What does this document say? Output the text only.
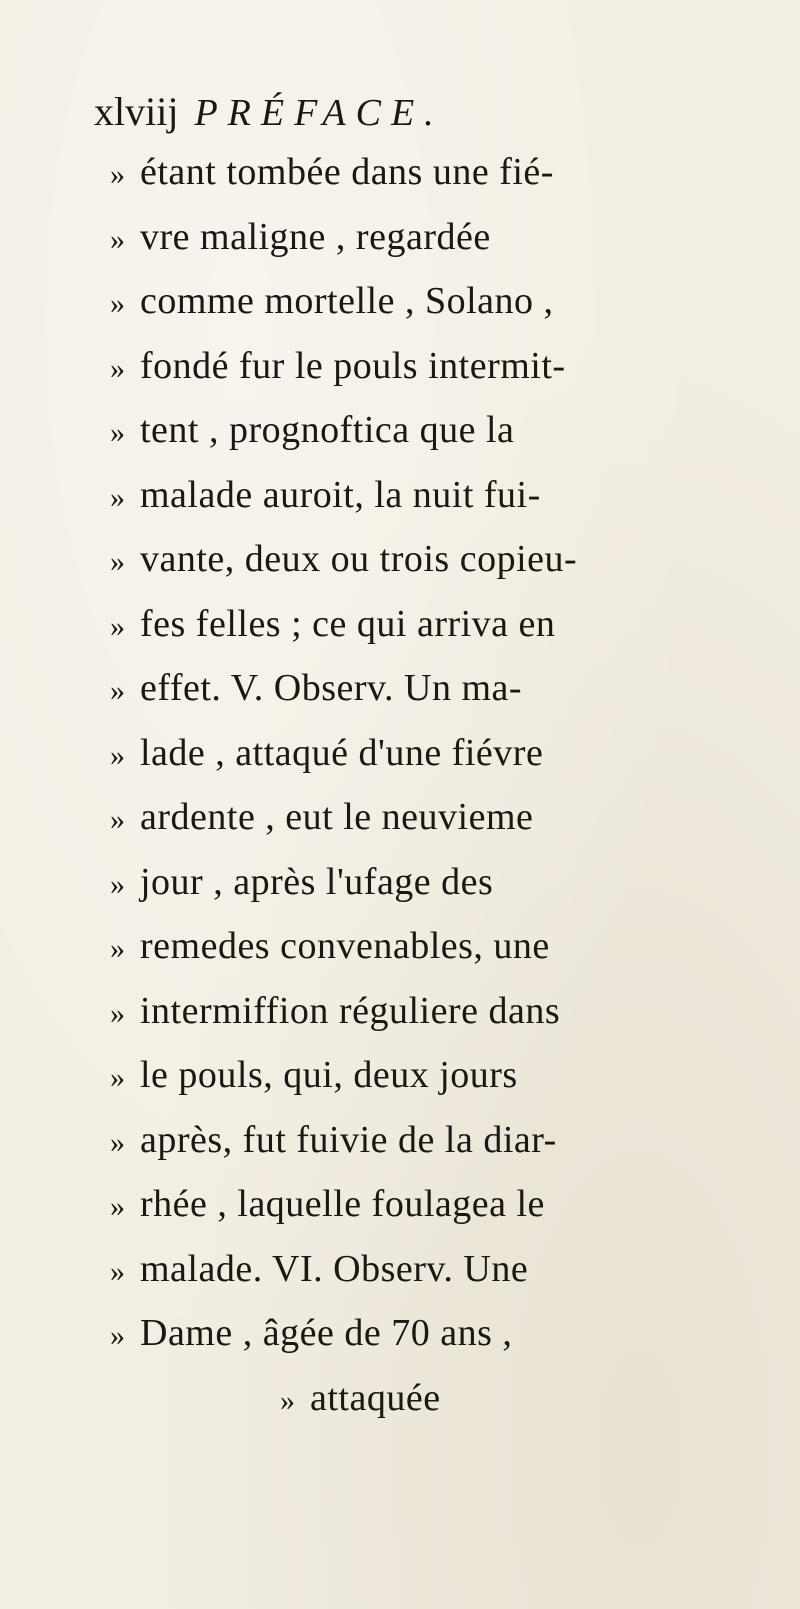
xlviij PRÉFACE.
» étant tombée dans une fié-
» vre maligne , regardée
» comme mortelle , Solano ,
» fondé fur le pouls intermit-
» tent , prognoftica que la
» malade auroit, la nuit fui-
» vante, deux ou trois copieu-
» fes felles ; ce qui arriva en
» effet. V. Observ. Un ma-
» lade , attaqué d'une fiévre
» ardente , eut le neuvieme
» jour , après l'ufage des
» remedes convenables, une
» intermiffion réguliere dans
» le pouls, qui, deux jours
» après, fut fuivie de la diar-
» rhée , laquelle foulagea le
» malade. VI. Observ. Une
» Dame , âgée de 70 ans ,
» attaquée
